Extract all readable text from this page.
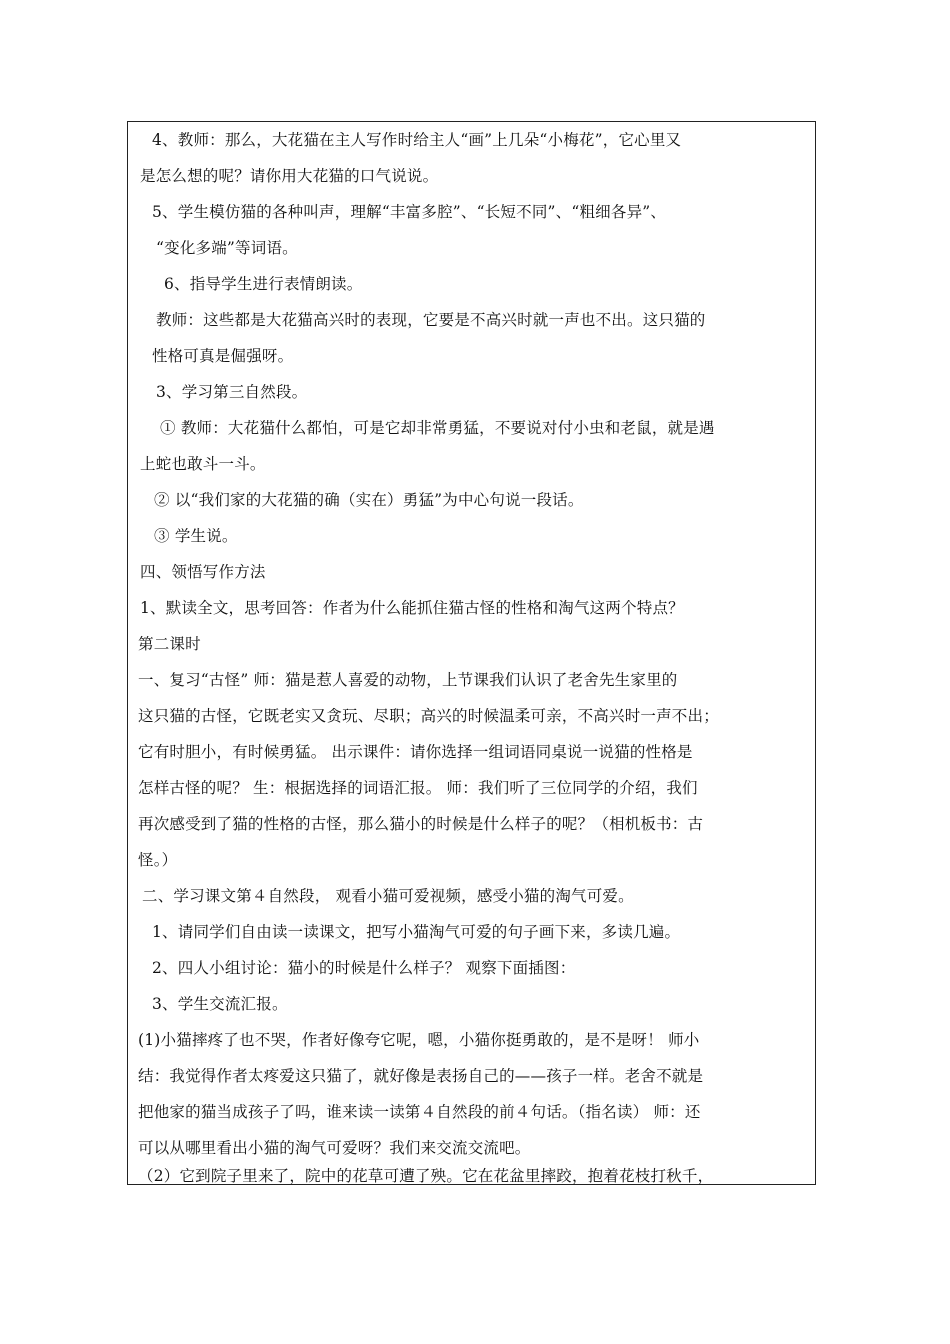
4、教师：那么，大花猫在主人写作时给主人“画”上几朵“小梅花”，它心里又
是怎么想的呢？请你用大花猫的口气说说。
5、学生模仿猫的各种叫声，理解“丰富多腔”、“长短不同”、“粗细各异”、
“变化多端”等词语。
6、指导学生进行表情朗读。
教师：这些都是大花猫高兴时的表现，它要是不高兴时就一声也不出。这只猫的
性格可真是倔强呀。
3、学习第三自然段。
① 教师：大花猫什么都怕，可是它却非常勇猛，不要说对付小虫和老鼠，就是遇
上蛇也敢斗一斗。
② 以“我们家的大花猫的确（实在）勇猛”为中心句说一段话。
③ 学生说。
四、领悟写作方法
1、默读全文，思考回答：作者为什么能抓住猫古怪的性格和淘气这两个特点？
第二课时
一、复习“古怪” 师：猫是惹人喜爱的动物，上节课我们认识了老舍先生家里的
这只猫的古怪，它既老实又贪玩、尽职；高兴的时候温柔可亲，不高兴时一声不出；
它有时胆小，有时候勇猛。 出示课件：请你选择一组词语同桌说一说猫的性格是
怎样古怪的呢？ 生：根据选择的词语汇报。 师：我们听了三位同学的介绍，我们
再次感受到了猫的性格的古怪，那么猫小的时候是什么样子的呢？（相机板书：古
怪。）
二、学习课文第４自然段， 观看小猫可爱视频，感受小猫的淘气可爱。
1、请同学们自由读一读课文，把写小猫淘气可爱的句子画下来，多读几遍。
2、四人小组讨论：猫小的时候是什么样子？ 观察下面插图：
3、学生交流汇报。
(1)小猫摔疼了也不哭，作者好像夸它呢，嗯，小猫你挺勇敢的，是不是呀！ 师小
结：我觉得作者太疼爱这只猫了，就好像是表扬自己的——孩子一样。老舍不就是
把他家的猫当成孩子了吗，谁来读一读第４自然段的前４句话。（指名读） 师：还
可以从哪里看出小猫的淘气可爱呀？我们来交流交流吧。
（2）它到院子里来了，院中的花草可遭了殃。它在花盆里摔跤，抱着花枝打秋千，
